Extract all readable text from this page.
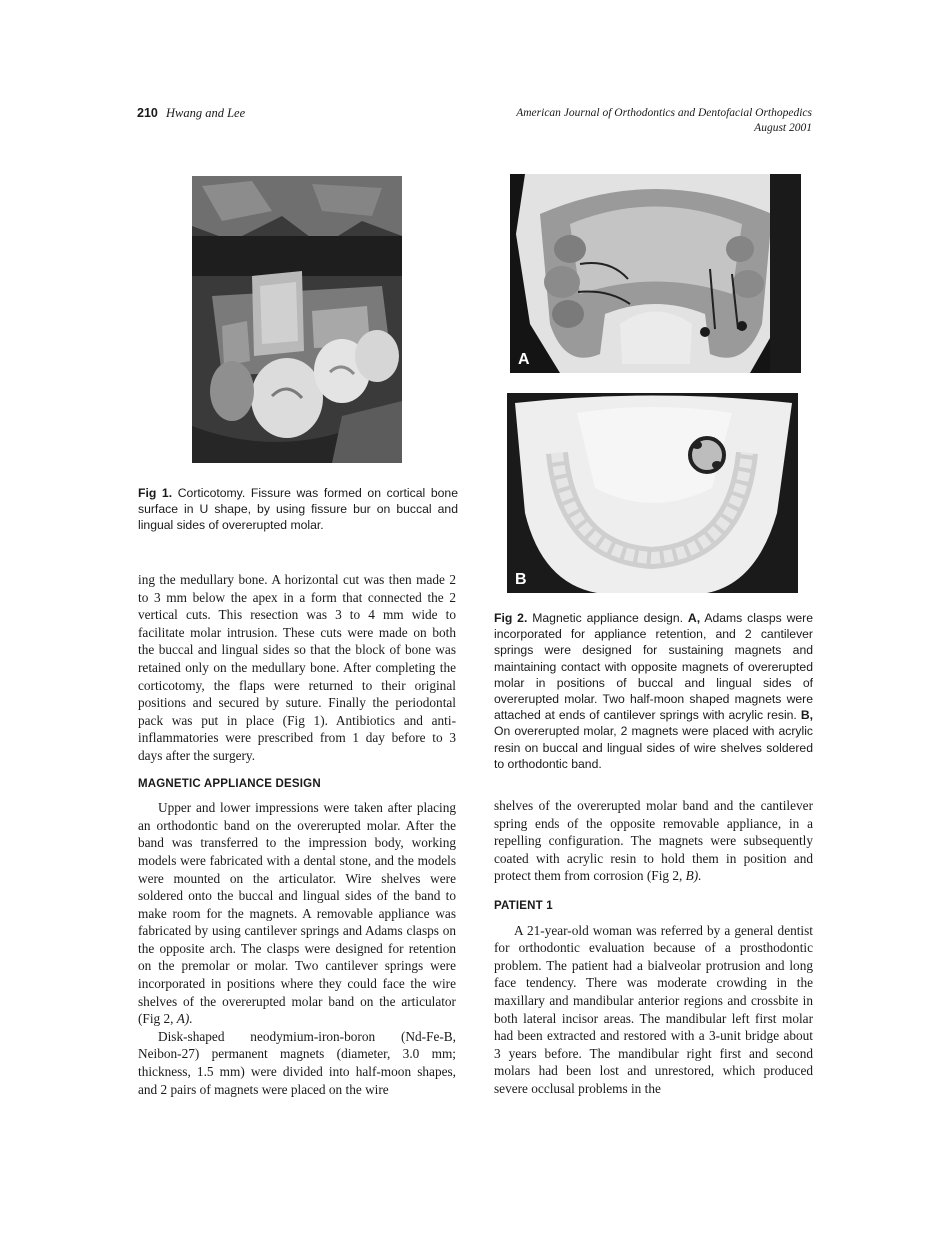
210 Hwang and Lee	American Journal of Orthodontics and Dentofacial Orthopedics
August 2001
Fig 1. Corticotomy. Fissure was formed on cortical bone surface in U shape, by using fissure bur on buccal and lingual sides of overerupted molar.
A
B
Fig 2. Magnetic appliance design. A, Adams clasps were incorporated for appliance retention, and 2 cantilever springs were designed for sustaining magnets and maintaining contact with opposite magnets of overerupted molar in positions of buccal and lingual sides of overerupted molar. Two half-moon shaped magnets were attached at ends of cantilever springs with acrylic resin. B, On overerupted molar, 2 magnets were placed with acrylic resin on buccal and lingual sides of wire shelves soldered to orthodontic band.

ing the medullary bone. A horizontal cut was then made 2 to 3 mm below the apex in a form that connected the 2 vertical cuts. This resection was 3 to 4 mm wide to facilitate molar intrusion. These cuts were made on both the buccal and lingual sides so that the block of bone was retained only on the medullary bone. After completing the corticotomy, the flaps were returned to their original positions and secured by suture. Finally the periodontal pack was put in place (Fig 1). Antibiotics and anti-inflammatories were prescribed from 1 day before to 3 days after the surgery.

MAGNETIC APPLIANCE DESIGN

Upper and lower impressions were taken after placing an orthodontic band on the overerupted molar. After the band was transferred to the impression body, working models were fabricated with a dental stone, and the models were mounted on the articulator. Wire shelves were soldered onto the buccal and lingual sides of the band to make room for the magnets. A removable appliance was fabricated by using cantilever springs and Adams clasps on the opposite arch. The clasps were designed for retention on the premolar or molar. Two cantilever springs were incorporated in positions where they could face the wire shelves of the overerupted molar band on the articulator (Fig 2, A).

Disk-shaped neodymium-iron-boron (Nd-Fe-B, Neibon-27) permanent magnets (diameter, 3.0 mm; thickness, 1.5 mm) were divided into half-moon shapes, and 2 pairs of magnets were placed on the wire

shelves of the overerupted molar band and the cantilever spring ends of the opposite removable appliance, in a repelling configuration. The magnets were subsequently coated with acrylic resin to hold them in position and protect them from corrosion (Fig 2, B).

PATIENT 1

A 21-year-old woman was referred by a general dentist for orthodontic evaluation because of a prosthodontic problem. The patient had a bialveolar protrusion and long face tendency. There was moderate crowding in the maxillary and mandibular anterior regions and crossbite in both lateral incisor areas. The mandibular left first molar had been extracted and restored with a 3-unit bridge about 3 years before. The mandibular right first and second molars had been lost and unrestored, which produced severe occlusal problems in the
